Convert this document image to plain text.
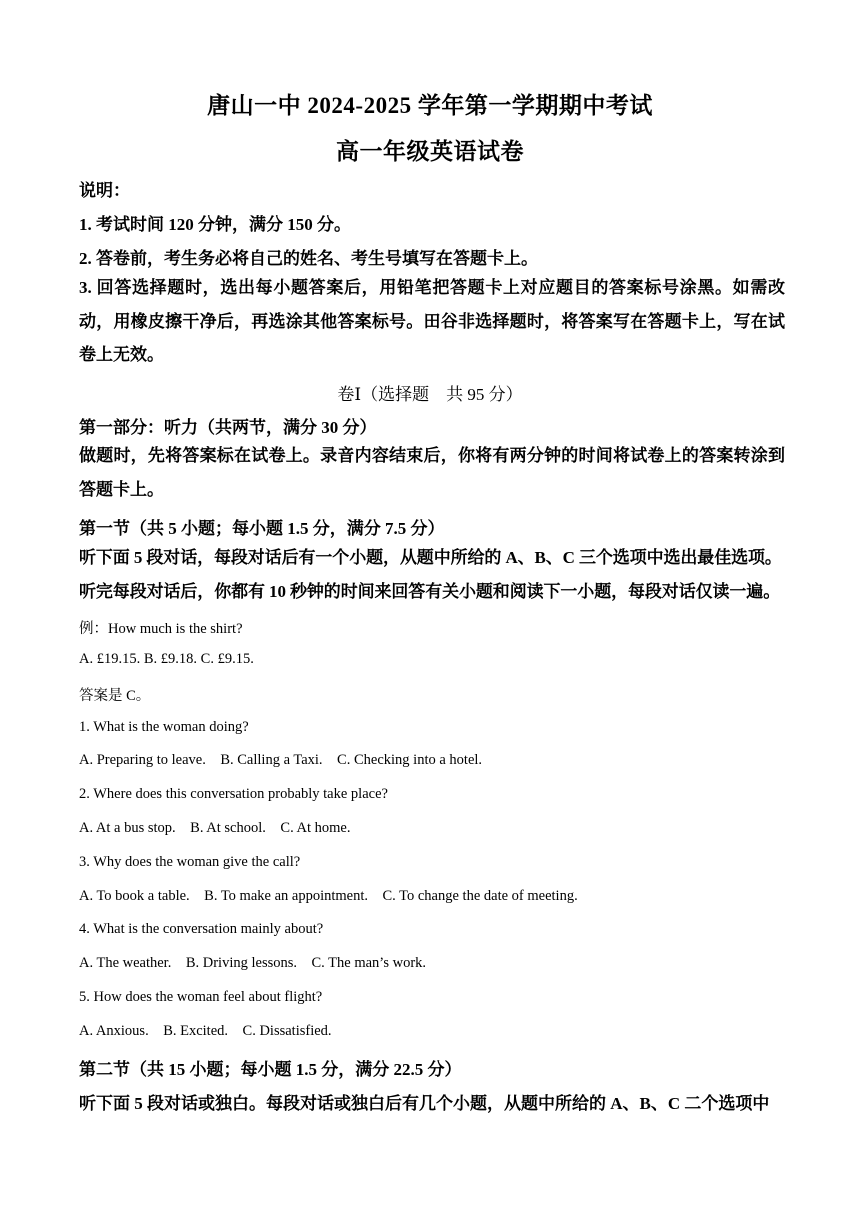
唐山一中 2024-2025 学年第一学期期中考试
高一年级英语试卷
说明：
1. 考试时间 120 分钟，满分 150 分。
2. 答卷前，考生务必将自己的姓名、考生号填写在答题卡上。
3. 回答选择题时，选出每小题答案后，用铅笔把答题卡上对应题目的答案标号涂黑。如需改动，用橡皮擦干净后，再选涂其他答案标号。田谷非选择题时，将答案写在答题卡上，写在试卷上无效。
卷Ⅰ（选择题　共 95 分）
第一部分：听力（共两节，满分 30 分）
做题时，先将答案标在试卷上。录音内容结束后，你将有两分钟的时间将试卷上的答案转涂到答题卡上。
第一节（共 5 小题；每小题 1.5 分，满分 7.5 分）
听下面 5 段对话，每段对话后有一个小题，从题中所给的 A、B、C 三个选项中选出最佳选项。听完每段对话后，你都有 10 秒钟的时间来回答有关小题和阅读下一小题，每段对话仅读一遍。
例：How much is the shirt?
A. £19.15. B. £9.18. C. £9.15.
答案是 C。
1. What is the woman doing?
A. Preparing to leave.    B. Calling a Taxi.    C. Checking into a hotel.
2. Where does this conversation probably take place?
A. At a bus stop.    B. At school.    C. At home.
3. Why does the woman give the call?
A. To book a table.    B. To make an appointment.    C. To change the date of meeting.
4. What is the conversation mainly about?
A. The weather.    B. Driving lessons.    C. The man’s work.
5. How does the woman feel about flight?
A. Anxious.    B. Excited.    C. Dissatisfied.
第二节（共 15 小题；每小题 1.5 分，满分 22.5 分）
听下面 5 段对话或独白。每段对话或独白后有几个小题，从题中所给的 A、B、C 二个选项中
